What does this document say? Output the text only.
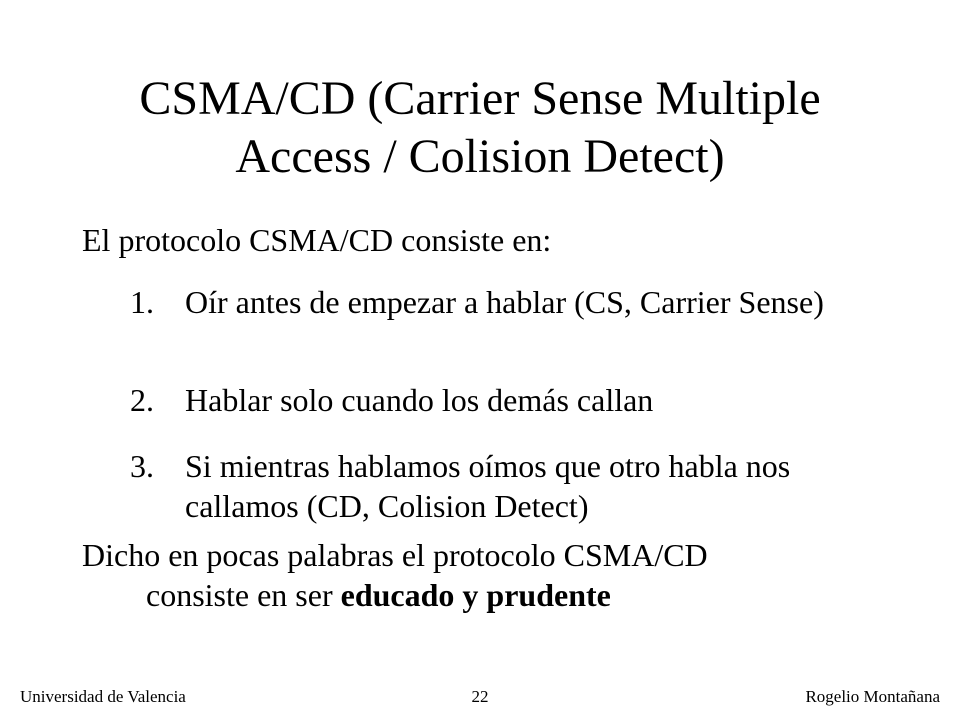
CSMA/CD (Carrier Sense Multiple
Access / Colision Detect)
El protocolo CSMA/CD consiste en:
1. Oír antes de empezar a hablar (CS, Carrier Sense)
2. Hablar solo cuando los demás callan
3. Si mientras hablamos oímos que otro habla nos callamos (CD, Colision Detect)
Dicho en pocas palabras el protocolo CSMA/CD
consiste en ser educado y prudente
Universidad de Valencia	22	Rogelio Montañana
